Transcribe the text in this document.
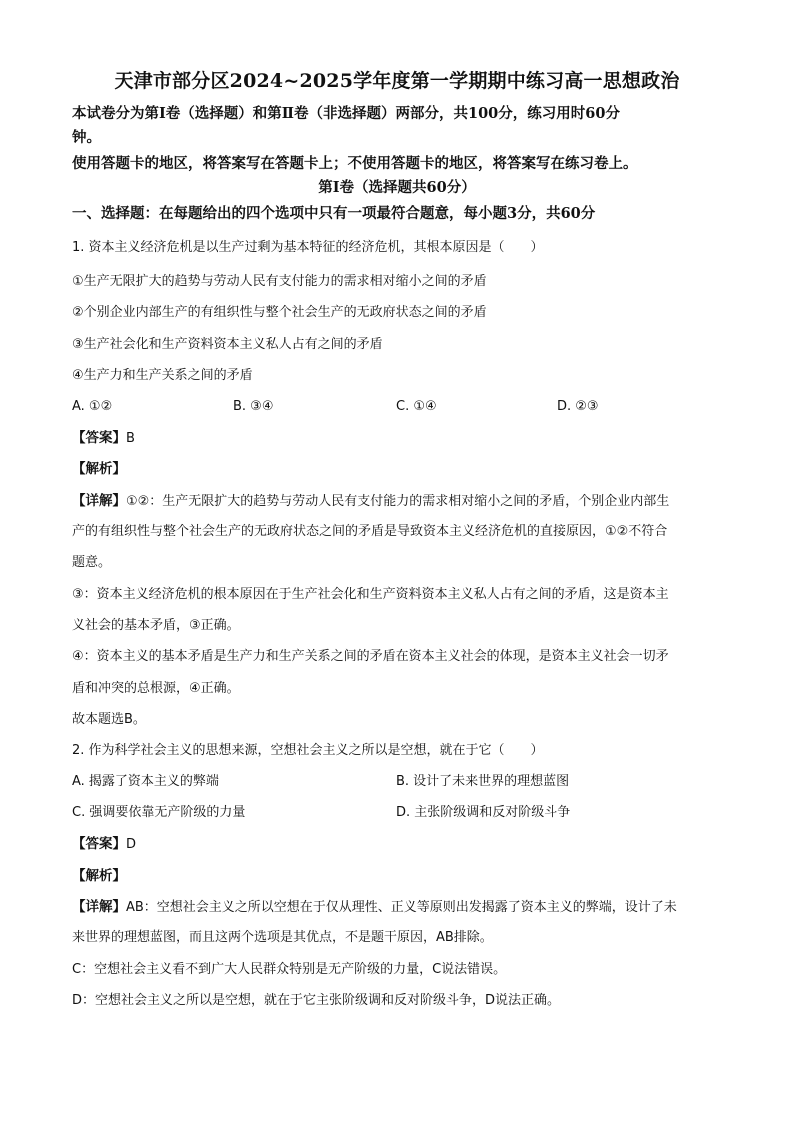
天津市部分区2024~2025学年度第一学期期中练习高一思想政治
本试卷分为第Ⅰ卷（选择题）和第Ⅱ卷（非选择题）两部分，共100分，练习用时60分
钟。
使用答题卡的地区，将答案写在答题卡上；不使用答题卡的地区，将答案写在练习卷上。
第Ⅰ卷（选择题共60分）
一、选择题：在每题给出的四个选项中只有一项最符合题意，每小题3分，共60分
1. 资本主义经济危机是以生产过剩为基本特征的经济危机，其根本原因是（　　）
①生产无限扩大的趋势与劳动人民有支付能力的需求相对缩小之间的矛盾
②个别企业内部生产的有组织性与整个社会生产的无政府状态之间的矛盾
③生产社会化和生产资料资本主义私人占有之间的矛盾
④生产力和生产关系之间的矛盾
A. ①②	B. ③④	C. ①④	D. ②③
【答案】B
【解析】
【详解】①②：生产无限扩大的趋势与劳动人民有支付能力的需求相对缩小之间的矛盾，个别企业内部生
产的有组织性与整个社会生产的无政府状态之间的矛盾是导致资本主义经济危机的直接原因，①②不符合
题意。
③：资本主义经济危机的根本原因在于生产社会化和生产资料资本主义私人占有之间的矛盾，这是资本主
义社会的基本矛盾，③正确。
④：资本主义的基本矛盾是生产力和生产关系之间的矛盾在资本主义社会的体现，是资本主义社会一切矛
盾和冲突的总根源，④正确。
故本题选B。
2. 作为科学社会主义的思想来源，空想社会主义之所以是空想，就在于它（　　）
A. 揭露了资本主义的弊端	B. 设计了未来世界的理想蓝图
C. 强调要依靠无产阶级的力量	D. 主张阶级调和反对阶级斗争
【答案】D
【解析】
【详解】AB：空想社会主义之所以空想在于仅从理性、正义等原则出发揭露了资本主义的弊端，设计了未
来世界的理想蓝图，而且这两个选项是其优点，不是题干原因，AB排除。
C：空想社会主义看不到广大人民群众特别是无产阶级的力量，C说法错误。
D：空想社会主义之所以是空想，就在于它主张阶级调和反对阶级斗争，D说法正确。
